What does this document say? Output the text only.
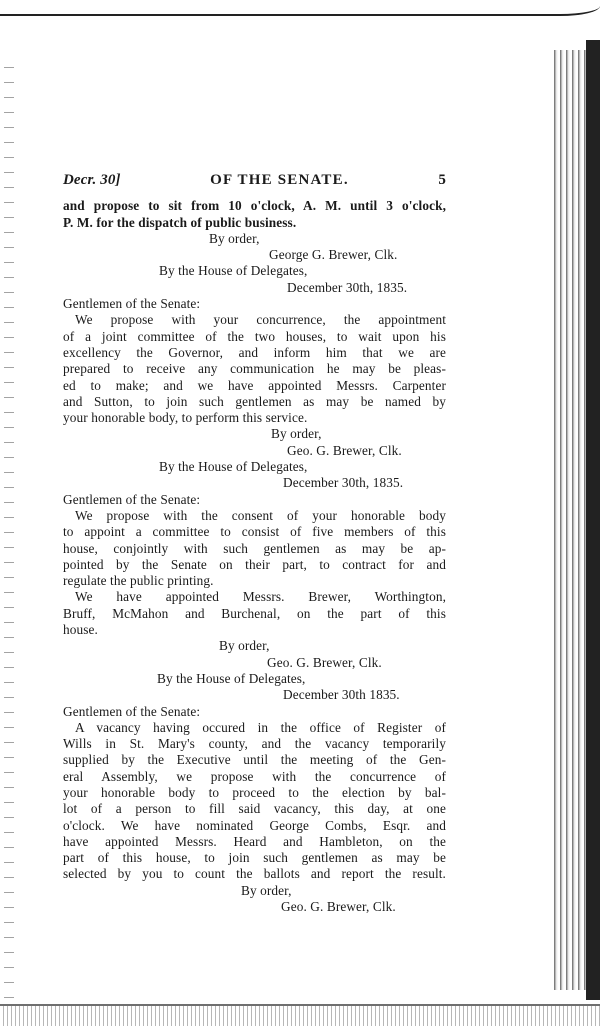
Decr. 30]	OF THE SENATE.	5
and propose to sit from 10 o'clock, A. M. until 3 o'clock,
P. M. for the dispatch of public business.
By order,
George G. Brewer, Clk.
By the House of Delegates,
December 30th, 1835.
Gentlemen of the Senate:
We propose with your concurrence, the appointment
of a joint committee of the two houses, to wait upon his
excellency the Governor, and inform him that we are
prepared to receive any communication he may be pleas-
ed to make; and we have appointed Messrs. Carpenter
and Sutton, to join such gentlemen as may be named by
your honorable body, to perform this service.
By order,
Geo. G. Brewer, Clk.
By the House of Delegates,
December 30th, 1835.
Gentlemen of the Senate:
We propose with the consent of your honorable body
to appoint a committee to consist of five members of this
house, conjointly with such gentlemen as may be ap-
pointed by the Senate on their part, to contract for and
regulate the public printing.
We have appointed Messrs. Brewer, Worthington,
Bruff, McMahon and Burchenal, on the part of this
house.
By order,
Geo. G. Brewer, Clk.
By the House of Delegates,
December 30th 1835.
Gentlemen of the Senate:
A vacancy having occured in the office of Register of
Wills in St. Mary's county, and the vacancy temporarily
supplied by the Executive until the meeting of the Gen-
eral Assembly, we propose with the concurrence of
your honorable body to proceed to the election by bal-
lot of a person to fill said vacancy, this day, at one
o'clock. We have nominated George Combs, Esqr. and
have appointed Messrs. Heard and Hambleton, on the
part of this house, to join such gentlemen as may be
selected by you to count the ballots and report the result.
By order,
Geo. G. Brewer, Clk.
